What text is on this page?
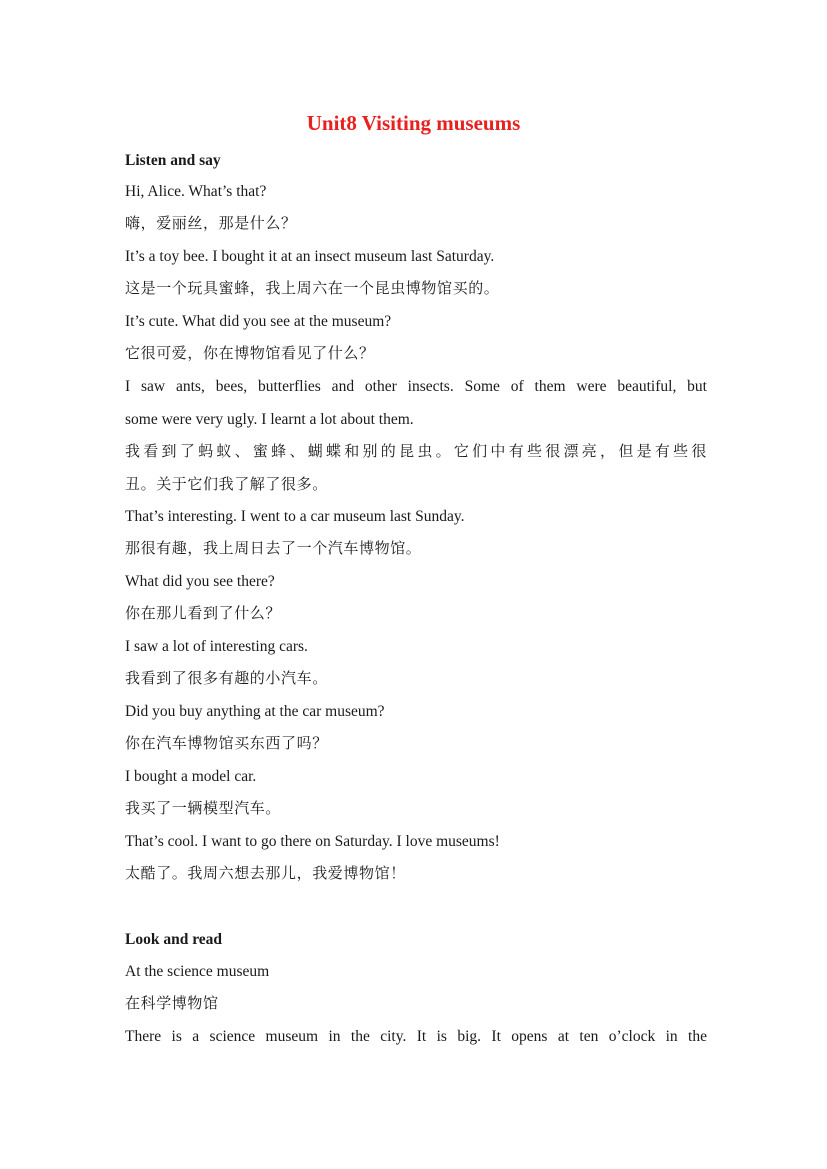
Unit8 Visiting museums
Listen and say
Hi, Alice. What’s that?
嗨，爱丽丝，那是什么？
It’s a toy bee. I bought it at an insect museum last Saturday.
这是一个玩具蜜蜂，我上周六在一个昆虫博物馆买的。
It’s cute. What did you see at the museum?
它很可爱，你在博物馆看见了什么？
I saw ants, bees, butterflies and other insects. Some of them were beautiful, but
some were very ugly. I learnt a lot about them.
我看到了蚂蚁、蜜蜂、蝴蝶和别的昆虫。它们中有些很漂亮，但是有些很
丑。关于它们我了解了很多。
That’s interesting. I went to a car museum last Sunday.
那很有趣，我上周日去了一个汽车博物馆。
What did you see there?
你在那儿看到了什么？
I saw a lot of interesting cars.
我看到了很多有趣的小汽车。
Did you buy anything at the car museum?
你在汽车博物馆买东西了吗？
I bought a model car.
我买了一辆模型汽车。
That’s cool. I want to go there on Saturday. I love museums!
太酷了。我周六想去那儿，我爱博物馆！
Look and read
At the science museum
在科学博物馆
There is a science museum in the city. It is big. It opens at ten o’clock in the
